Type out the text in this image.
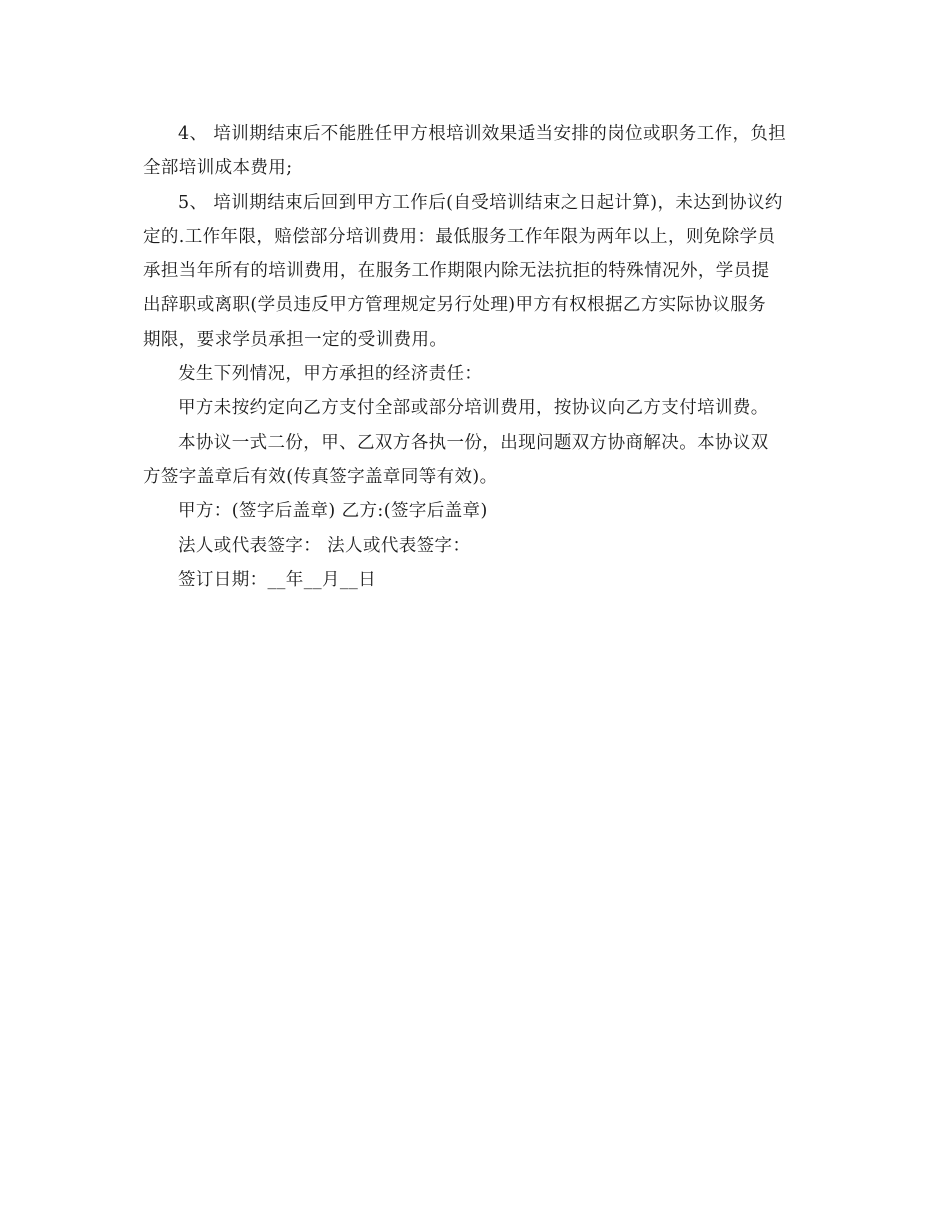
4、 培训期结束后不能胜任甲方根培训效果适当安排的岗位或职务工作，负担
全部培训成本费用;
5、 培训期结束后回到甲方工作后(自受培训结束之日起计算)，未达到协议约
定的.工作年限，赔偿部分培训费用：最低服务工作年限为两年以上，则免除学员
承担当年所有的培训费用，在服务工作期限内除无法抗拒的特殊情况外，学员提
出辞职或离职(学员违反甲方管理规定另行处理)甲方有权根据乙方实际协议服务
期限，要求学员承担一定的受训费用。
发生下列情况，甲方承担的经济责任：
甲方未按约定向乙方支付全部或部分培训费用，按协议向乙方支付培训费。
本协议一式二份，甲、乙双方各执一份，出现问题双方协商解决。本协议双
方签字盖章后有效(传真签字盖章同等有效)。
甲方：(签字后盖章) 乙方:(签字后盖章)
法人或代表签字： 法人或代表签字：
签订日期：__年__月__日
